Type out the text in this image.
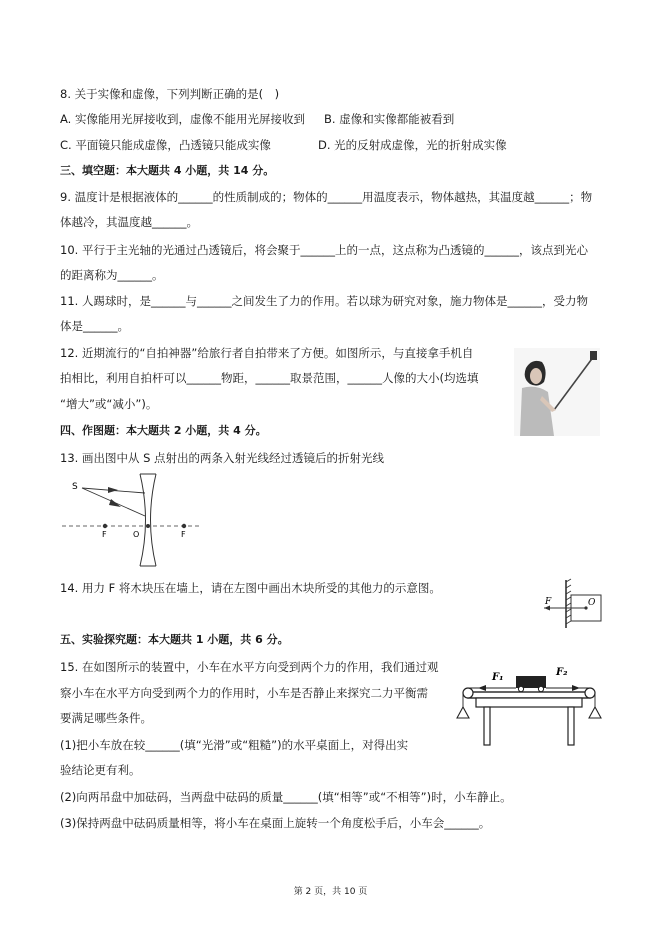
8. 关于实像和虚像，下列判断正确的是(　)
A. 实像能用光屏接收到，虚像不能用光屏接收到 B. 虚像和实像都能被看到
C. 平面镜只能成虚像，凸透镜只能成实像	D. 光的反射成虚像，光的折射成实像
三、填空题：本大题共 4 小题，共 14 分。
9. 温度计是根据液体的______的性质制成的；物体的______用温度表示，物体越热，其温度越______；物
体越冷，其温度越______。
10. 平行于主光轴的光通过凸透镜后，将会聚于______上的一点，这点称为凸透镜的______，该点到光心
的距离称为______。
11. 人踢球时，是______与______之间发生了力的作用。若以球为研究对象，施力物体是______，受力物
体是______。
12. 近期流行的“自拍神器”给旅行者自拍带来了方便。如图所示，与直接拿手机自
拍相比，利用自拍杆可以______物距，______取景范围，______人像的大小(均选填
“增大”或“减小”)。
四、作图题：本大题共 2 小题，共 4 分。
13. 画出图中从 S 点射出的两条入射光线经过透镜后的折射光线
S
F	O	F
14. 用力 F 将木块压在墙上，请在左图中画出木块所受的其他力的示意图。
F	O
五、实验探究题：本大题共 1 小题，共 6 分。
15. 在如图所示的装置中，小车在水平方向受到两个力的作用，我们通过观
察小车在水平方向受到两个力的作用时，小车是否静止来探究二力平衡需
要满足哪些条件。
(1)把小车放在较______(填“光滑”或“粗糙”)的水平桌面上，对得出实
验结论更有利。
(2)向两吊盘中加砝码，当两盘中砝码的质量______(填“相等”或“不相等”)时，小车静止。
(3)保持两盘中砝码质量相等，将小车在桌面上旋转一个角度松手后，小车会______。
F₁	F₂
第 2 页，共 10 页
